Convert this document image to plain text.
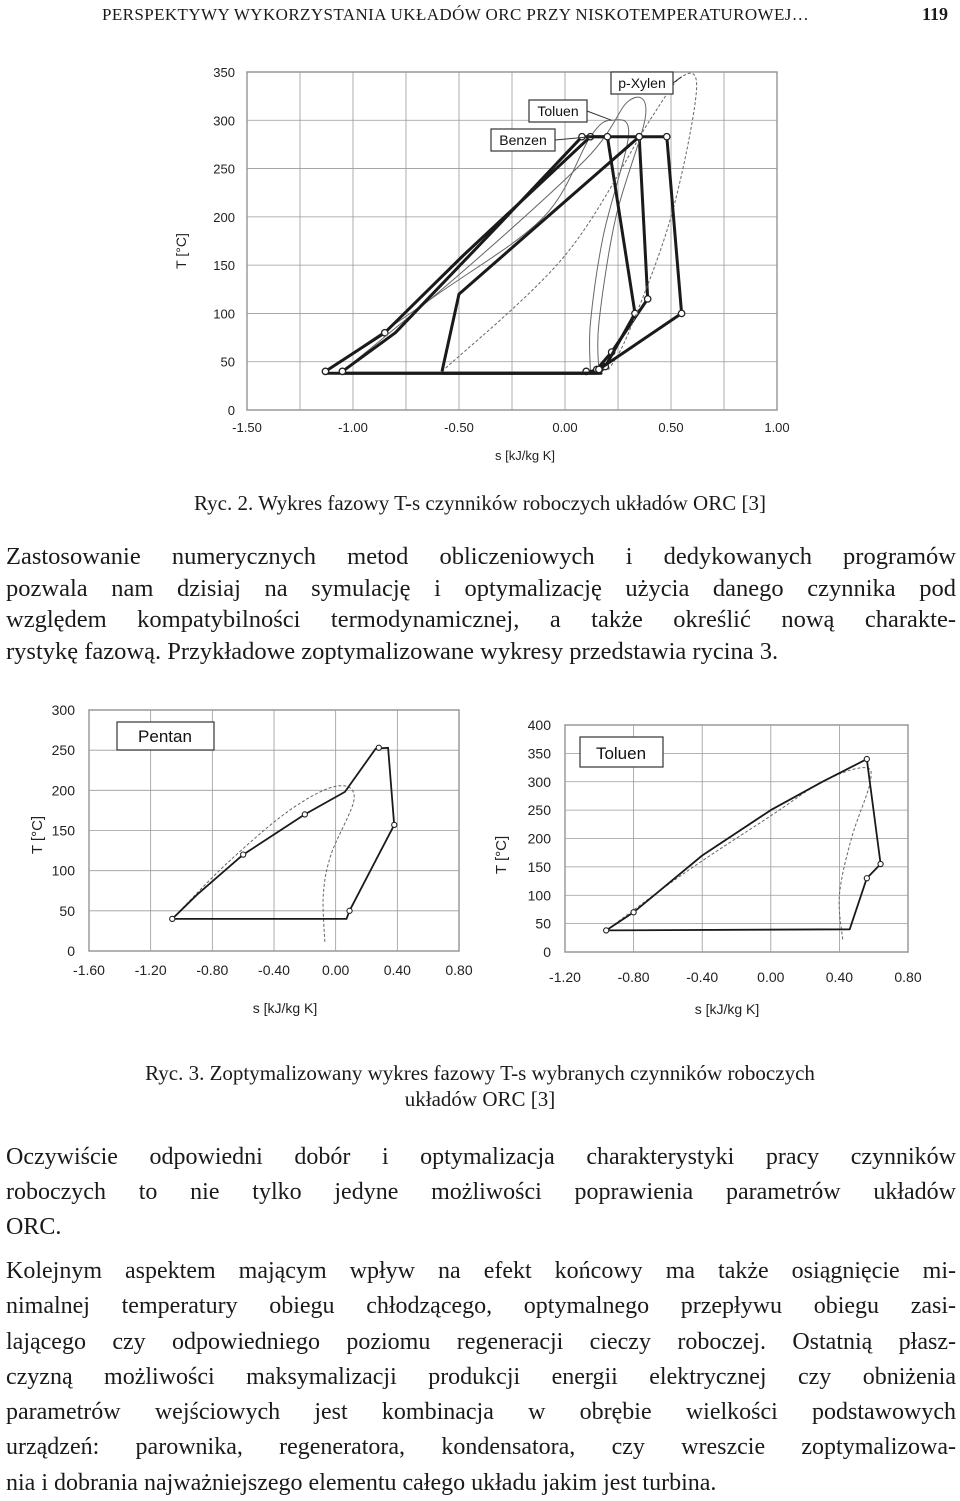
PERSPEKTYWY WYKORZYSTANIA UKŁADÓW ORC PRZY NISKOTEMPERATUROWEJ…	119
0
50
100
150
200
250
300
350
-1.50	-1.00	-0.50	0.00	0.50	1.00
s [kJ/kg K]
T [°C]
Benzen
Toluen
p-Xylen
Ryc. 2. Wykres fazowy T-s czynników roboczych układów ORC [3]
Zastosowanie numerycznych metod obliczeniowych i dedykowanych programów
pozwala nam dzisiaj na symulację i optymalizację użycia danego czynnika pod
względem kompatybilności termodynamicznej, a także określić nową charakte-
rystykę fazową. Przykładowe zoptymalizowane wykresy przedstawia rycina 3.
0
50
100
150
200
250
300
-1.60 -1.20 -0.80 -0.40 0.00 0.40 0.80
s [kJ/kg K]
T [°C]
Pentan
0
50
100
150
200
250
300
350
400
-1.20	-0.80	-0.40	0.00	0.40	0.80
s [kJ/kg K]
T [°C]
Toluen
Ryc. 3. Zoptymalizowany wykres fazowy T-s wybranych czynników roboczych
układów ORC [3]
Oczywiście odpowiedni dobór i optymalizacja charakterystyki pracy czynników
roboczych to nie tylko jedyne możliwości poprawienia parametrów układów
ORC.
Kolejnym aspektem mającym wpływ na efekt końcowy ma także osiągnięcie mi-
nimalnej temperatury obiegu chłodzącego, optymalnego przepływu obiegu zasi-
lającego czy odpowiedniego poziomu regeneracji cieczy roboczej. Ostatnią płasz-
czyzną możliwości maksymalizacji produkcji energii elektrycznej czy obniżenia
parametrów wejściowych jest kombinacja w obrębie wielkości podstawowych
urządzeń: parownika, regeneratora, kondensatora, czy wreszcie zoptymalizowa-
nia i dobrania najważniejszego elementu całego układu jakim jest turbina.
